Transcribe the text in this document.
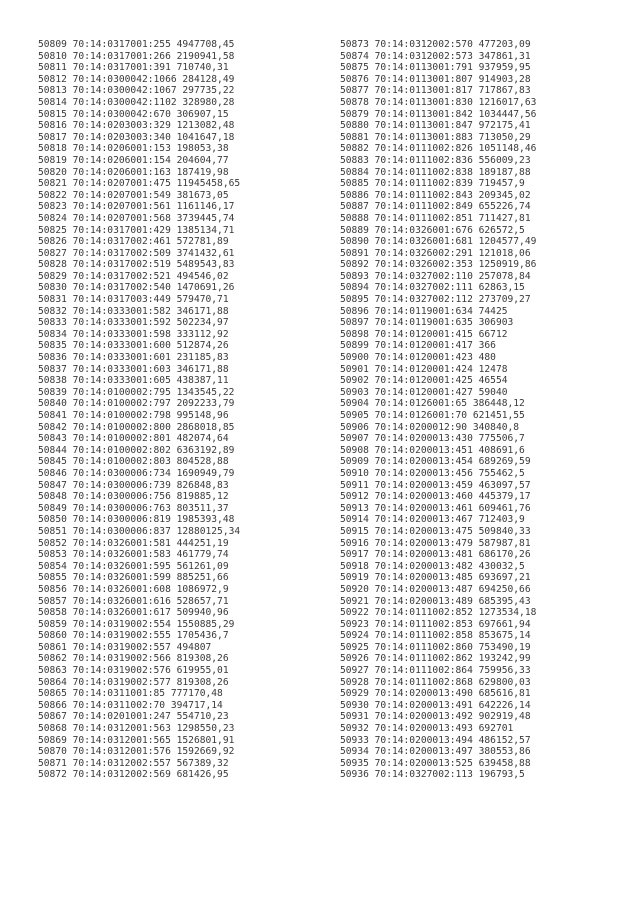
50809 70:14:0317001:255 4947708,45
50810 70:14:0317001:266 2190941,58
50811 70:14:0317001:391 710740,31
50812 70:14:0300042:1066 284128,49
50813 70:14:0300042:1067 297735,22
50814 70:14:0300042:1102 328980,28
50815 70:14:0300042:670 306907,15
50816 70:14:0203003:329 1213082,48
50817 70:14:0203003:340 1041647,18
50818 70:14:0206001:153 198053,38
50819 70:14:0206001:154 204604,77
50820 70:14:0206001:163 187419,98
50821 70:14:0207001:475 11945458,65
50822 70:14:0207001:549 381673,05
50823 70:14:0207001:561 1161146,17
50824 70:14:0207001:568 3739445,74
50825 70:14:0317001:429 1385134,71
50826 70:14:0317002:461 572781,89
50827 70:14:0317002:509 3741432,61
50828 70:14:0317002:519 5489543,83
50829 70:14:0317002:521 494546,02
50830 70:14:0317002:540 1470691,26
50831 70:14:0317003:449 579470,71
50832 70:14:0333001:582 346171,88
50833 70:14:0333001:592 502234,97
50834 70:14:0333001:598 333112,92
50835 70:14:0333001:600 512874,26
50836 70:14:0333001:601 231185,83
50837 70:14:0333001:603 346171,88
50838 70:14:0333001:605 438387,11
50839 70:14:0100002:795 1343545,22
50840 70:14:0100002:797 2092233,79
50841 70:14:0100002:798 995148,96
50842 70:14:0100002:800 2868018,85
50843 70:14:0100002:801 482074,64
50844 70:14:0100002:802 6363192,89
50845 70:14:0100002:803 804528,88
50846 70:14:0300006:734 1690949,79
50847 70:14:0300006:739 826848,83
50848 70:14:0300006:756 819885,12
50849 70:14:0300006:763 803511,37
50850 70:14:0300006:819 1985393,48
50851 70:14:0300006:837 12880125,34
50852 70:14:0326001:581 444251,19
50853 70:14:0326001:583 461779,74
50854 70:14:0326001:595 561261,09
50855 70:14:0326001:599 885251,66
50856 70:14:0326001:608 1086972,9
50857 70:14:0326001:616 528657,71
50858 70:14:0326001:617 509940,96
50859 70:14:0319002:554 1550885,29
50860 70:14:0319002:555 1705436,7
50861 70:14:0319002:557 494807
50862 70:14:0319002:566 819308,26
50863 70:14:0319002:576 619955,01
50864 70:14:0319002:577 819308,26
50865 70:14:0311001:85 777170,48
50866 70:14:0311002:70 394717,14
50867 70:14:0201001:247 554710,23
50868 70:14:0312001:563 1298550,23
50869 70:14:0312001:565 1526801,91
50870 70:14:0312001:576 1592669,92
50871 70:14:0312002:557 567389,32
50872 70:14:0312002:569 681426,95
50873 70:14:0312002:570 477203,09
50874 70:14:0312002:573 347861,31
50875 70:14:0113001:791 937959,95
50876 70:14:0113001:807 914903,28
50877 70:14:0113001:817 717867,83
50878 70:14:0113001:830 1216017,63
50879 70:14:0113001:842 1034447,56
50880 70:14:0113001:847 972175,41
50881 70:14:0113001:883 713050,29
50882 70:14:0111002:826 1051148,46
50883 70:14:0111002:836 556009,23
50884 70:14:0111002:838 189187,88
50885 70:14:0111002:839 719457,9
50886 70:14:0111002:843 209345,02
50887 70:14:0111002:849 655226,74
50888 70:14:0111002:851 711427,81
50889 70:14:0326001:676 626572,5
50890 70:14:0326001:681 1204577,49
50891 70:14:0326002:291 121018,06
50892 70:14:0326002:353 1250919,86
50893 70:14:0327002:110 257078,84
50894 70:14:0327002:111 62863,15
50895 70:14:0327002:112 273709,27
50896 70:14:0119001:634 74425
50897 70:14:0119001:635 306903
50898 70:14:0120001:415 66712
50899 70:14:0120001:417 366
50900 70:14:0120001:423 480
50901 70:14:0120001:424 12478
50902 70:14:0120001:425 46554
50903 70:14:0120001:427 59040
50904 70:14:0126001:65 386448,12
50905 70:14:0126001:70 621451,55
50906 70:14:0200012:90 340840,8
50907 70:14:0200013:430 775506,7
50908 70:14:0200013:451 408691,6
50909 70:14:0200013:454 689269,59
50910 70:14:0200013:456 755462,5
50911 70:14:0200013:459 463097,57
50912 70:14:0200013:460 445379,17
50913 70:14:0200013:461 609461,76
50914 70:14:0200013:467 712403,9
50915 70:14:0200013:475 509840,33
50916 70:14:0200013:479 587987,81
50917 70:14:0200013:481 686170,26
50918 70:14:0200013:482 430032,5
50919 70:14:0200013:485 693697,21
50920 70:14:0200013:487 694250,66
50921 70:14:0200013:489 685395,43
50922 70:14:0111002:852 1273534,18
50923 70:14:0111002:853 697661,94
50924 70:14:0111002:858 853675,14
50925 70:14:0111002:860 753490,19
50926 70:14:0111002:862 193242,99
50927 70:14:0111002:864 759956,33
50928 70:14:0111002:868 629800,03
50929 70:14:0200013:490 685616,81
50930 70:14:0200013:491 642226,14
50931 70:14:0200013:492 902919,48
50932 70:14:0200013:493 692701
50933 70:14:0200013:494 486152,57
50934 70:14:0200013:497 380553,86
50935 70:14:0200013:525 639458,88
50936 70:14:0327002:113 196793,5
